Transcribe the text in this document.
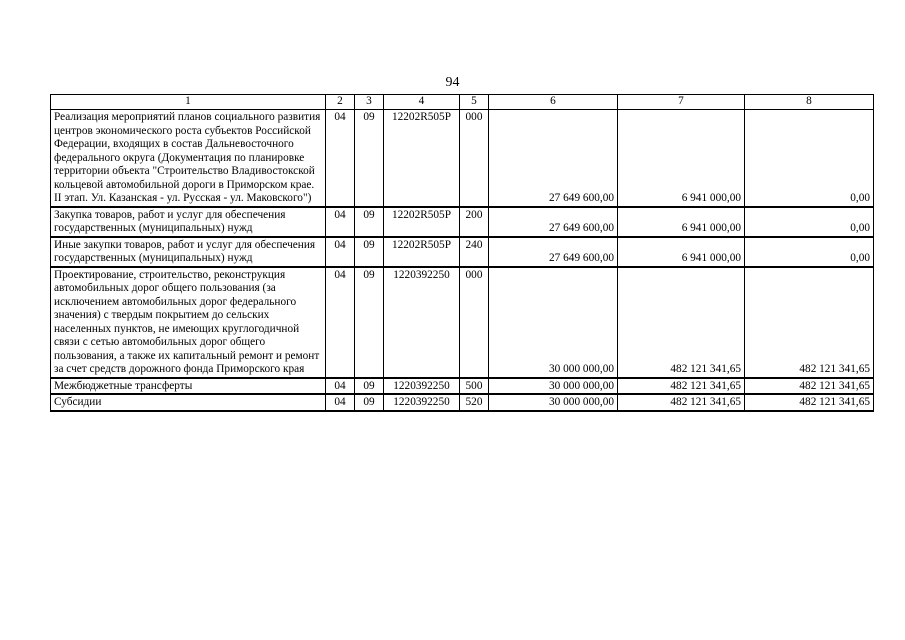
94
1	2	3	4	5	6	7	8
Реализация мероприятий планов социального развития центров экономического роста субъектов Российской Федерации, входящих в состав Дальневосточного федерального округа (Документация по планировке территории объекта "Строительство Владивостокской кольцевой автомобильной дороги в Приморском крае. II этап. Ул. Казанская - ул. Русская - ул. Маковского")	04	09	12202R505P	000	27 649 600,00	6 941 000,00	0,00
Закупка товаров, работ и услуг для обеспечения государственных (муниципальных) нужд	04	09	12202R505P	200	27 649 600,00	6 941 000,00	0,00
Иные закупки товаров, работ и услуг для обеспечения государственных (муниципальных) нужд	04	09	12202R505P	240	27 649 600,00	6 941 000,00	0,00
Проектирование, строительство, реконструкция автомобильных дорог общего пользования (за исключением автомобильных дорог федерального значения) с твердым покрытием до сельских населенных пунктов, не имеющих круглогодичной связи с сетью автомобильных дорог общего пользования, а также их капитальный ремонт и ремонт за счет средств дорожного фонда Приморского края	04	09	1220392250	000	30 000 000,00	482 121 341,65	482 121 341,65
Межбюджетные трансферты	04	09	1220392250	500	30 000 000,00	482 121 341,65	482 121 341,65
Субсидии	04	09	1220392250	520	30 000 000,00	482 121 341,65	482 121 341,65
